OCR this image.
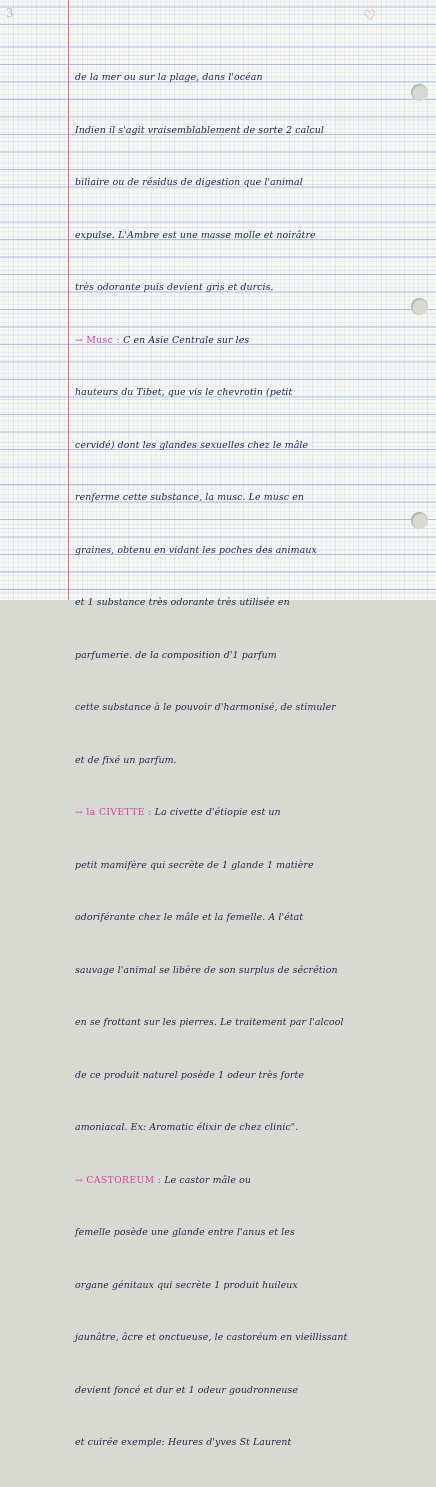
3	♡

de la mer ou sur la plage, dans l'océan

Indien il s'agit vraisemblablement de sorte 2 calcul

biliaire ou de résidus de digestion que l'animal

expulse. L'Ambre est une masse molle et noirâtre

très odorante puis devient gris et durcis.

→ Musc : C en Asie Centrale sur les

hauteurs du Tibet, que vis le chevrotin (petit

cervidé) dont les glandes sexuelles chez le mâle

renferme cette substance, la musc. Le musc en

graines, obtenu en vidant les poches des animaux

et 1 substance très odorante très utilisée en

parfumerie. de la composition d'1 parfum

cette substance à le pouvoir d'harmonisé, de stimuler

et de fixé un parfum.

→ la CIVETTE : La civette d'étiopie est un

petit mamifère qui secrète de 1 glande 1 matière

odoriférante chez le mâle et la femelle. A l'état

sauvage l'animal se libère de son surplus de sécrétion

en se frottant sur les pierres. Le traitement par l'alcool

de ce produit naturel posède 1 odeur très forte

amoniacal. Ex: Aromatic élixir de chez clinic".

→ CASTOREUM : Le castor mâle ou

femelle posède une glande entre l'anus et les

organe génitaux qui secrète 1 produit huileux

jaunâtre, âcre et onctueuse, le castoréum en vieillissant

devient foncé et dur et 1 odeur goudronneuse

et cuirée exemple: Heures d'yves St Laurent
